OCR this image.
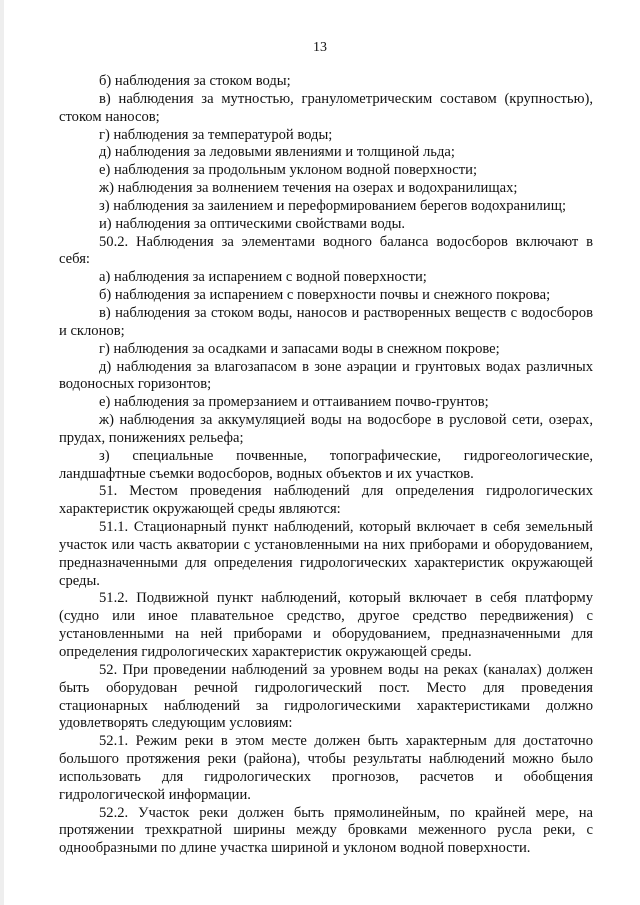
13

б) наблюдения за стоком воды;

в) наблюдения за мутностью, гранулометрическим составом (крупностью), стоком наносов;

г) наблюдения за температурой воды;

д) наблюдения за ледовыми явлениями и толщиной льда;

е) наблюдения за продольным уклоном водной поверхности;

ж) наблюдения за волнением течения на озерах и водохранилищах;

з) наблюдения за заилением и переформированием берегов водохранилищ;

и) наблюдения за оптическими свойствами воды.

50.2. Наблюдения за элементами водного баланса водосборов включают в себя:

а) наблюдения за испарением с водной поверхности;

б) наблюдения за испарением с поверхности почвы и снежного покрова;

в) наблюдения за стоком воды, наносов и растворенных веществ с водосборов и склонов;

г) наблюдения за осадками и запасами воды в снежном покрове;

д) наблюдения за влагозапасом в зоне аэрации и грунтовых водах различных водоносных горизонтов;

е) наблюдения за промерзанием и оттаиванием почво-грунтов;

ж) наблюдения за аккумуляцией воды на водосборе в русловой сети, озерах, прудах, понижениях рельефа;

з) специальные почвенные, топографические, гидрогеологические, ландшафтные съемки водосборов, водных объектов и их участков.

51. Местом проведения наблюдений для определения гидрологических характеристик окружающей среды являются:

51.1. Стационарный пункт наблюдений, который включает в себя земельный участок или часть акватории с установленными на них приборами и оборудованием, предназначенными для определения гидрологических характеристик окружающей среды.

51.2. Подвижной пункт наблюдений, который включает в себя платформу (судно или иное плавательное средство, другое средство передвижения) с установленными на ней приборами и оборудованием, предназначенными для определения гидрологических характеристик окружающей среды.

52. При проведении наблюдений за уровнем воды на реках (каналах) должен быть оборудован речной гидрологический пост. Место для проведения стационарных наблюдений за гидрологическими характеристиками должно удовлетворять следующим условиям:

52.1. Режим реки в этом месте должен быть характерным для достаточно большого протяжения реки (района), чтобы результаты наблюдений можно было использовать для гидрологических прогнозов, расчетов и обобщения гидрологической информации.

52.2. Участок реки должен быть прямолинейным, по крайней мере, на протяжении трехкратной ширины между бровками меженного русла реки, с однообразными по длине участка шириной и уклоном водной поверхности.
